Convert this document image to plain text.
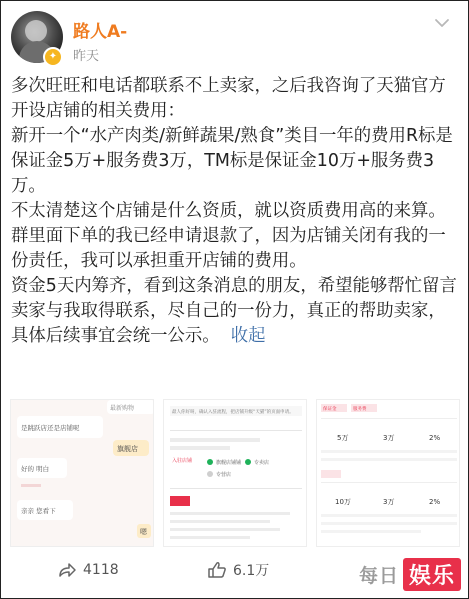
✦
路人A-
昨天

多次旺旺和电话都联系不上卖家，之后我咨询了天猫官方开设店铺的相关费用：

新开一个“水产肉类/新鲜蔬果/熟食”类目一年的费用R标是保证金5万+服务费3万，TM标是保证金10万+服务费3万。

不太清楚这个店铺是什么资质，就以资质费用高的来算。

群里面下单的我已经申请退款了，因为店铺关闭有我的一份责任，我可以承担重开店铺的费用。

资金5天内筹齐，看到这条消息的朋友，希望能够帮忙留言卖家与我取得联系，尽自己的一份力，真正的帮助卖家，具体后续事宜会统一公示。 收起

最新购物
是跳跃店还是店铺呢
旗舰店
好的 明白
亲亲 您看下
嗯
最人你好呀，确认入驻流程，把店铺升级“天猫”的页面申请。
入驻店铺	旗舰店铺铺	专卖店
专营店
保证金	服务费
5万	3万	2%
10万	3万	2%
4118	6.1万	每日 娱乐
